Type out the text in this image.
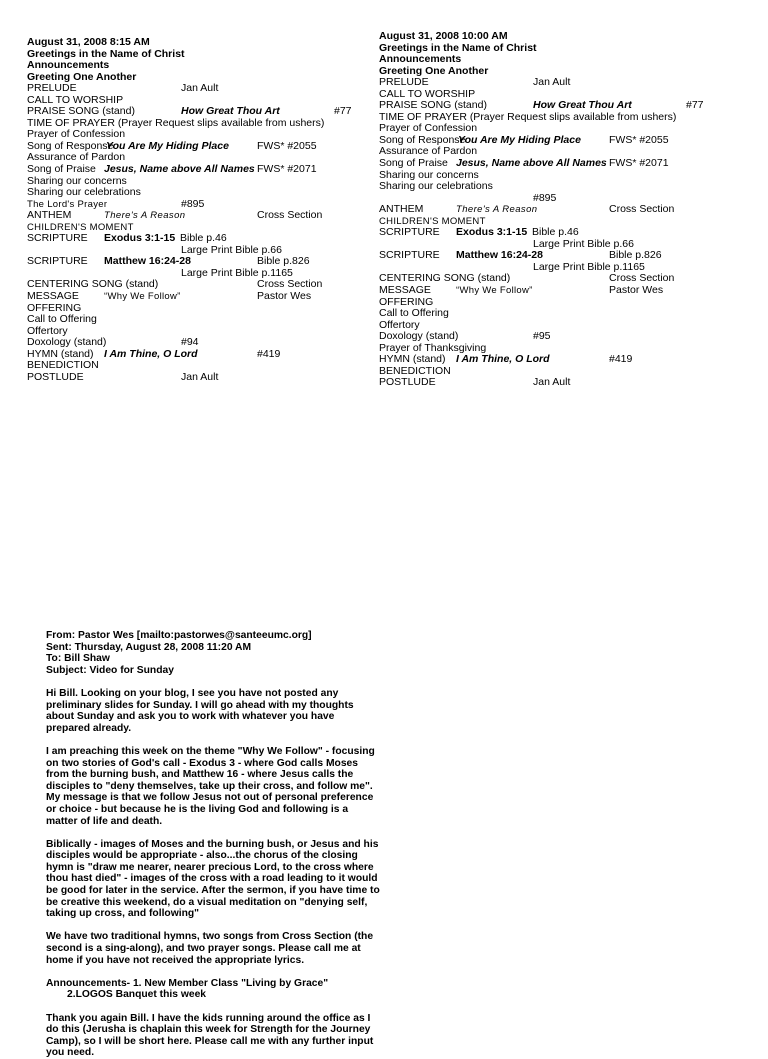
August 31, 2008 8:15 AM
Greetings in the Name of Christ
Announcements
Greeting One Another
PRELUDE	Jan Ault
CALL TO WORSHIP
PRAISE SONG (stand)	How Great Thou Art	#77
TIME OF PRAYER (Prayer Request slips available from ushers)
Prayer of Confession
Song of Response
You Are My Hiding Place	FWS* #2055
Assurance of Pardon
Song of Praise Jesus, Name above All Names FWS* #2071
Sharing our concerns
Sharing our celebrations
The Lord's Prayer	#895
ANTHEM	There's A Reason	Cross Section
CHILDREN'S MOMENT
SCRIPTURE Exodus 3:1-15 Bible p.46
Large Print Bible p.66
SCRIPTURE Matthew 16:24-28	Bible p.826
Large Print Bible p.1165
CENTERING SONG (stand)	Cross Section
MESSAGE	“Why We Follow”	Pastor Wes
OFFERING
Call to Offering
Offertory
Doxology (stand)	#94
HYMN (stand) I Am Thine, O Lord	#419
BENEDICTION
POSTLUDE	Jan Ault
August 31, 2008 10:00 AM
Greetings in the Name of Christ
Announcements
Greeting One Another
PRELUDE	Jan Ault
CALL TO WORSHIP
PRAISE SONG (stand)	How Great Thou Art	#77
TIME OF PRAYER (Prayer Request slips available from ushers)
Prayer of Confession
Song of Response
You Are My Hiding Place	FWS* #2055
Assurance of Pardon
Song of Praise Jesus, Name above All Names FWS* #2071
Sharing our concerns
Sharing our celebrations
#895
ANTHEM	There's A Reason	Cross Section
CHILDREN'S MOMENT
SCRIPTURE Exodus 3:1-15 Bible p.46
Large Print Bible p.66
SCRIPTURE Matthew 16:24-28	Bible p.826
Large Print Bible p.1165
CENTERING SONG (stand)	Cross Section
MESSAGE	“Why We Follow”	Pastor Wes
OFFERING
Call to Offering
Offertory
Doxology (stand)	#95
Prayer of Thanksgiving
HYMN (stand) I Am Thine, O Lord	#419
BENEDICTION
POSTLUDE	Jan Ault
From: Pastor Wes [mailto:pastorwes@santeeumc.org]
Sent: Thursday, August 28, 2008 11:20 AM
To: Bill Shaw
Subject: Video for Sunday

Hi Bill. Looking on your blog, I see you have not posted any preliminary slides for Sunday. I will go ahead with my thoughts about Sunday and ask you to work with whatever you have prepared already.

I am preaching this week on the theme "Why We Follow" - focusing on two stories of God's call - Exodus 3 - where God calls Moses from the burning bush, and Matthew 16 - where Jesus calls the disciples to "deny themselves, take up their cross, and follow me". My message is that we follow Jesus not out of personal preference or choice - but because he is the living God and following is a matter of life and death.

Biblically - images of Moses and the burning bush, or Jesus and his disciples would be appropriate - also...the chorus of the closing hymn is "draw me nearer, nearer precious Lord, to the cross where thou hast died" - images of the cross with a road leading to it would be good for later in the service. After the sermon, if you have time to be creative this weekend, do a visual meditation on "denying self, taking up cross, and following"

We have two traditional hymns, two songs from Cross Section (the second is a sing-along), and two prayer songs. Please call me at home if you have not received the appropriate lyrics.

Announcements- 1. New Member Class "Living by Grace"
2.LOGOS Banquet this week

Thank you again Bill. I have the kids running around the office as I do this (Jerusha is chaplain this week for Strength for the Journey Camp), so I will be short here. Please call me with any further input you need.
